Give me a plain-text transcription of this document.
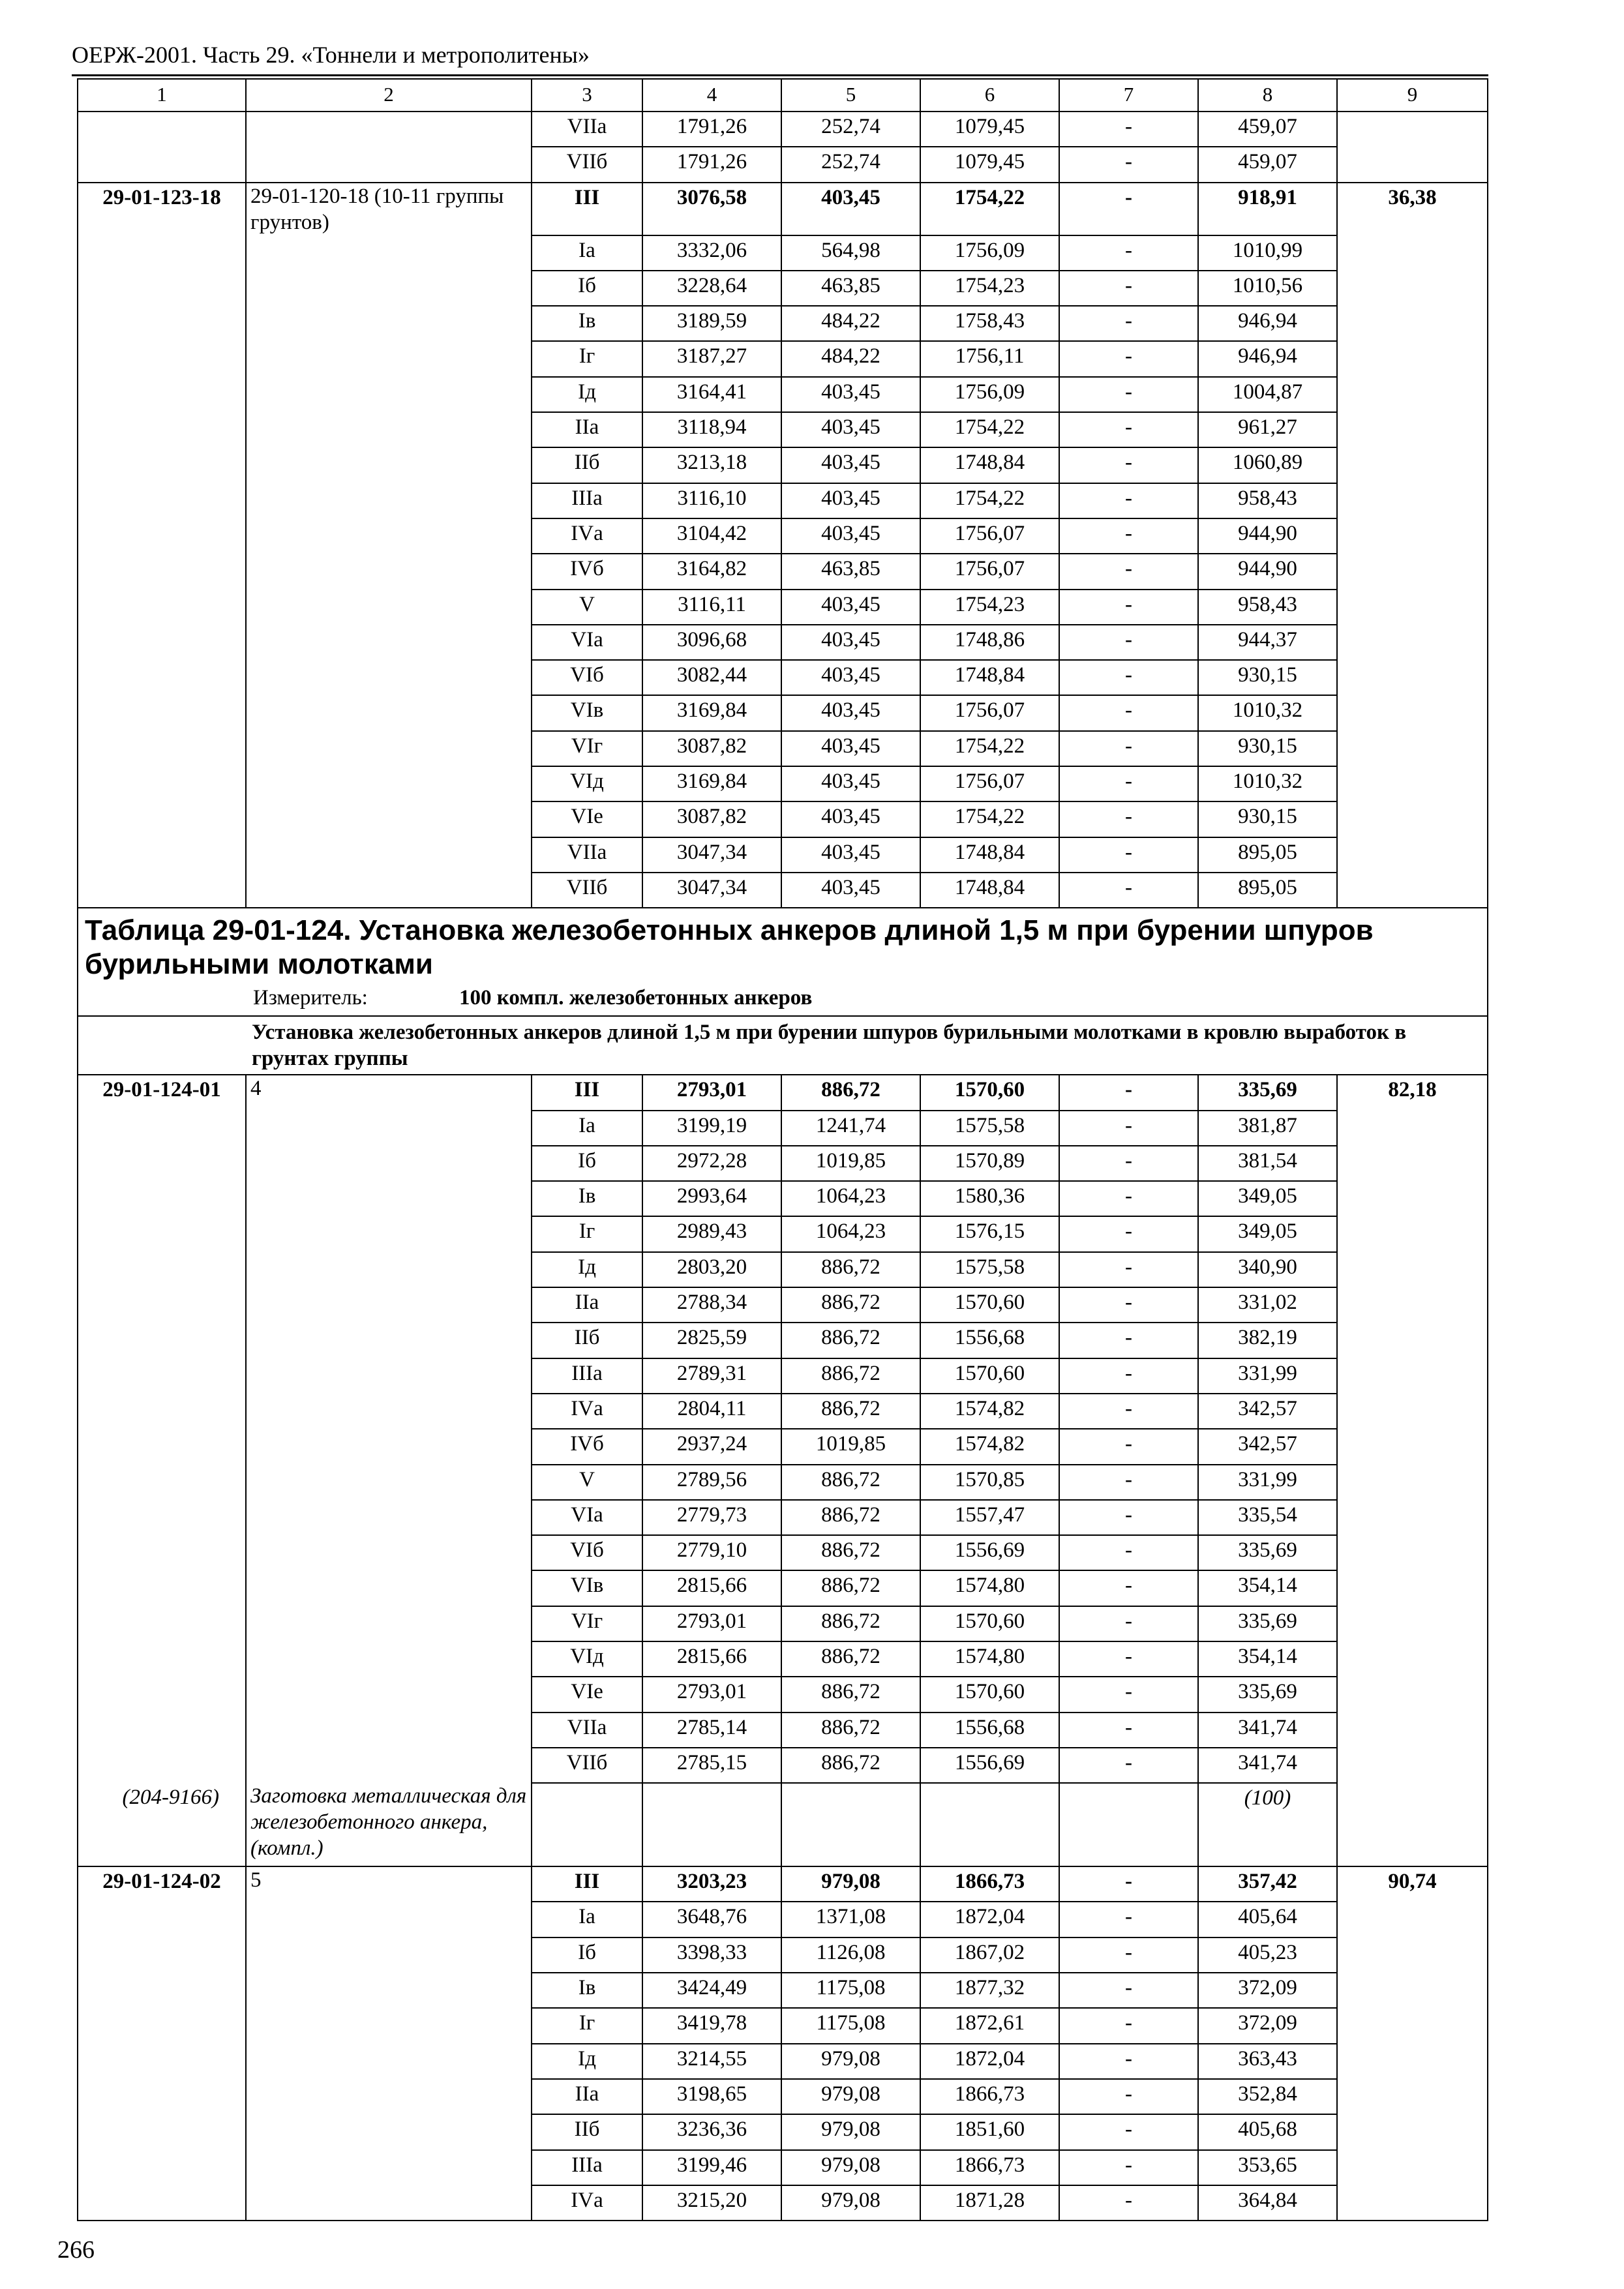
ОЕРЖ-2001. Часть 29. «Тоннели и метрополитены»
1	2	3	4	5	6	7	8	9
		VIIа	1791,26	252,74	1079,45	-	459,07	
		VIIб	1791,26	252,74	1079,45	-	459,07	
29-01-123-18	29-01-120-18 (10-11 группы грунтов)	III	3076,58	403,45	1754,22	-	918,91	36,38
		Iа	3332,06	564,98	1756,09	-	1010,99	
		Iб	3228,64	463,85	1754,23	-	1010,56	
		Iв	3189,59	484,22	1758,43	-	946,94	
		Iг	3187,27	484,22	1756,11	-	946,94	
		Iд	3164,41	403,45	1756,09	-	1004,87	
		IIа	3118,94	403,45	1754,22	-	961,27	
		IIб	3213,18	403,45	1748,84	-	1060,89	
		IIIа	3116,10	403,45	1754,22	-	958,43	
		IVа	3104,42	403,45	1756,07	-	944,90	
		IVб	3164,82	463,85	1756,07	-	944,90	
		V	3116,11	403,45	1754,23	-	958,43	
		VIа	3096,68	403,45	1748,86	-	944,37	
		VIб	3082,44	403,45	1748,84	-	930,15	
		VIв	3169,84	403,45	1756,07	-	1010,32	
		VIг	3087,82	403,45	1754,22	-	930,15	
		VIд	3169,84	403,45	1756,07	-	1010,32	
		VIе	3087,82	403,45	1754,22	-	930,15	
		VIIа	3047,34	403,45	1748,84	-	895,05	
		VIIб	3047,34	403,45	1748,84	-	895,05	

Таблица 29-01-124. Установка железобетонных анкеров длиной 1,5 м при бурении шпуров бурильными молотками
Измеритель: 100 компл. железобетонных анкеров								

Установка железобетонных анкеров длиной 1,5 м при бурении шпуров бурильными молотками в кровлю выработок в грунтах группы								
29-01-124-01	4	III	2793,01	886,72	1570,60	-	335,69	82,18
		Iа	3199,19	1241,74	1575,58	-	381,87	
		Iб	2972,28	1019,85	1570,89	-	381,54	
		Iв	2993,64	1064,23	1580,36	-	349,05	
		Iг	2989,43	1064,23	1576,15	-	349,05	
		Iд	2803,20	886,72	1575,58	-	340,90	
		IIа	2788,34	886,72	1570,60	-	331,02	
		IIб	2825,59	886,72	1556,68	-	382,19	
		IIIа	2789,31	886,72	1570,60	-	331,99	
		IVа	2804,11	886,72	1574,82	-	342,57	
		IVб	2937,24	1019,85	1574,82	-	342,57	
		V	2789,56	886,72	1570,85	-	331,99	
		VIа	2779,73	886,72	1557,47	-	335,54	
		VIб	2779,10	886,72	1556,69	-	335,69	
		VIв	2815,66	886,72	1574,80	-	354,14	
		VIг	2793,01	886,72	1570,60	-	335,69	
		VIд	2815,66	886,72	1574,80	-	354,14	
		VIе	2793,01	886,72	1570,60	-	335,69	
		VIIа	2785,14	886,72	1556,68	-	341,74	
		VIIб	2785,15	886,72	1556,69	-	341,74	
(204-9166)	Заготовка металлическая для железобетонного анкера, (компл.)						(100)	
29-01-124-02	5	III	3203,23	979,08	1866,73	-	357,42	90,74
		Iа	3648,76	1371,08	1872,04	-	405,64	
		Iб	3398,33	1126,08	1867,02	-	405,23	
		Iв	3424,49	1175,08	1877,32	-	372,09	
		Iг	3419,78	1175,08	1872,61	-	372,09	
		Iд	3214,55	979,08	1872,04	-	363,43	
		IIа	3198,65	979,08	1866,73	-	352,84	
		IIб	3236,36	979,08	1851,60	-	405,68	
		IIIа	3199,46	979,08	1866,73	-	353,65	
		IVа	3215,20	979,08	1871,28	-	364,84	
266
